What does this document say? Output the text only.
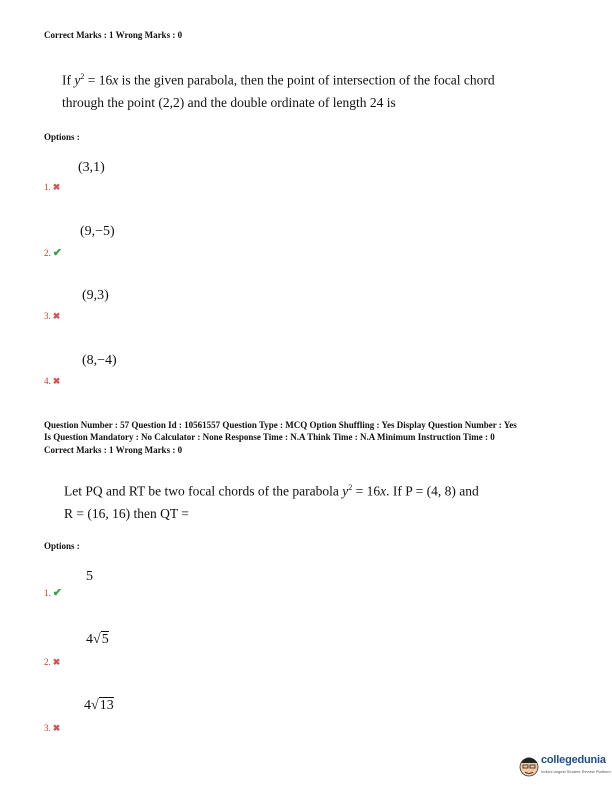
Correct Marks : 1 Wrong Marks : 0
If $y^2 = 16x$ is the given parabola, then the point of intersection of the focal chord
through the point (2,2) and the double ordinate of length 24 is
Options :
(3,1)
1. ✖
(9,−5)
2. ✔
(9,3)
3. ✖
(8,−4)
4. ✖
Question Number : 57 Question Id : 10561557 Question Type : MCQ Option Shuffling : Yes Display Question Number : Yes
Is Question Mandatory : No Calculator : None Response Time : N.A Think Time : N.A Minimum Instruction Time : 0
Correct Marks : 1 Wrong Marks : 0
Let PQ and RT be two focal chords of the parabola $y^2 = 16x$. If P = (4, 8) and
R = (16, 16) then QT =
Options :
5
1. ✔
4√5
2. ✖
4√13
3. ✖
collegedunia
India's largest Student Review Platform
